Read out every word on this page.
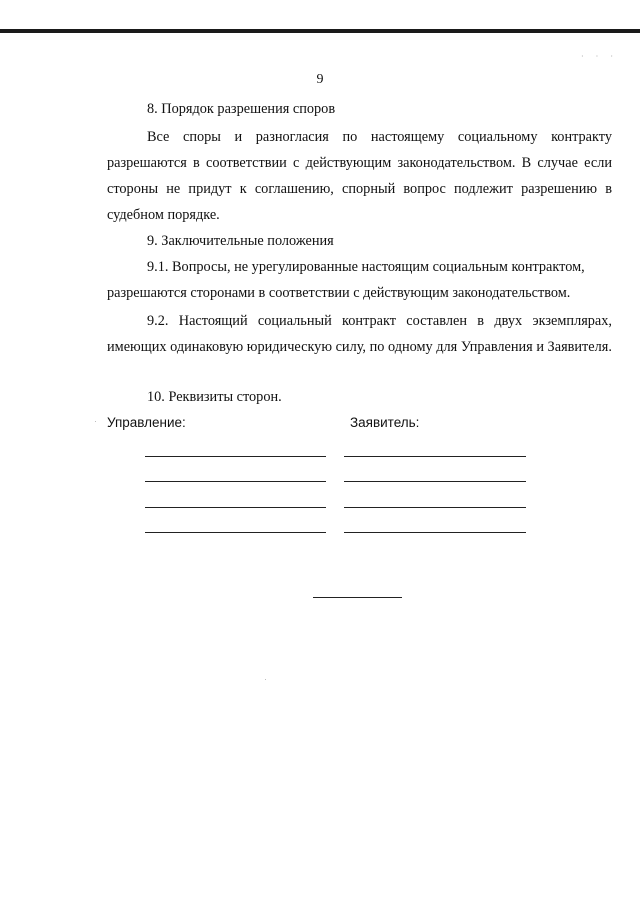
· · ·
9
8. Порядок разрешения споров
Все споры и разногласия по настоящему социальному контракту разрешаются в соответствии с действующим законодательством. В случае если стороны не придут к соглашению, спорный вопрос подлежит разрешению в судебном порядке.
9. Заключительные положения
9.1. Вопросы, не урегулированные настоящим социальным контрактом,
разрешаются сторонами в соответствии с действующим законодательством.
9.2. Настоящий социальный контракт составлен в двух экземплярах, имеющих одинаковую юридическую силу, по одному для Управления и Заявителя.
10. Реквизиты сторон.
Управление:	Заявитель:
